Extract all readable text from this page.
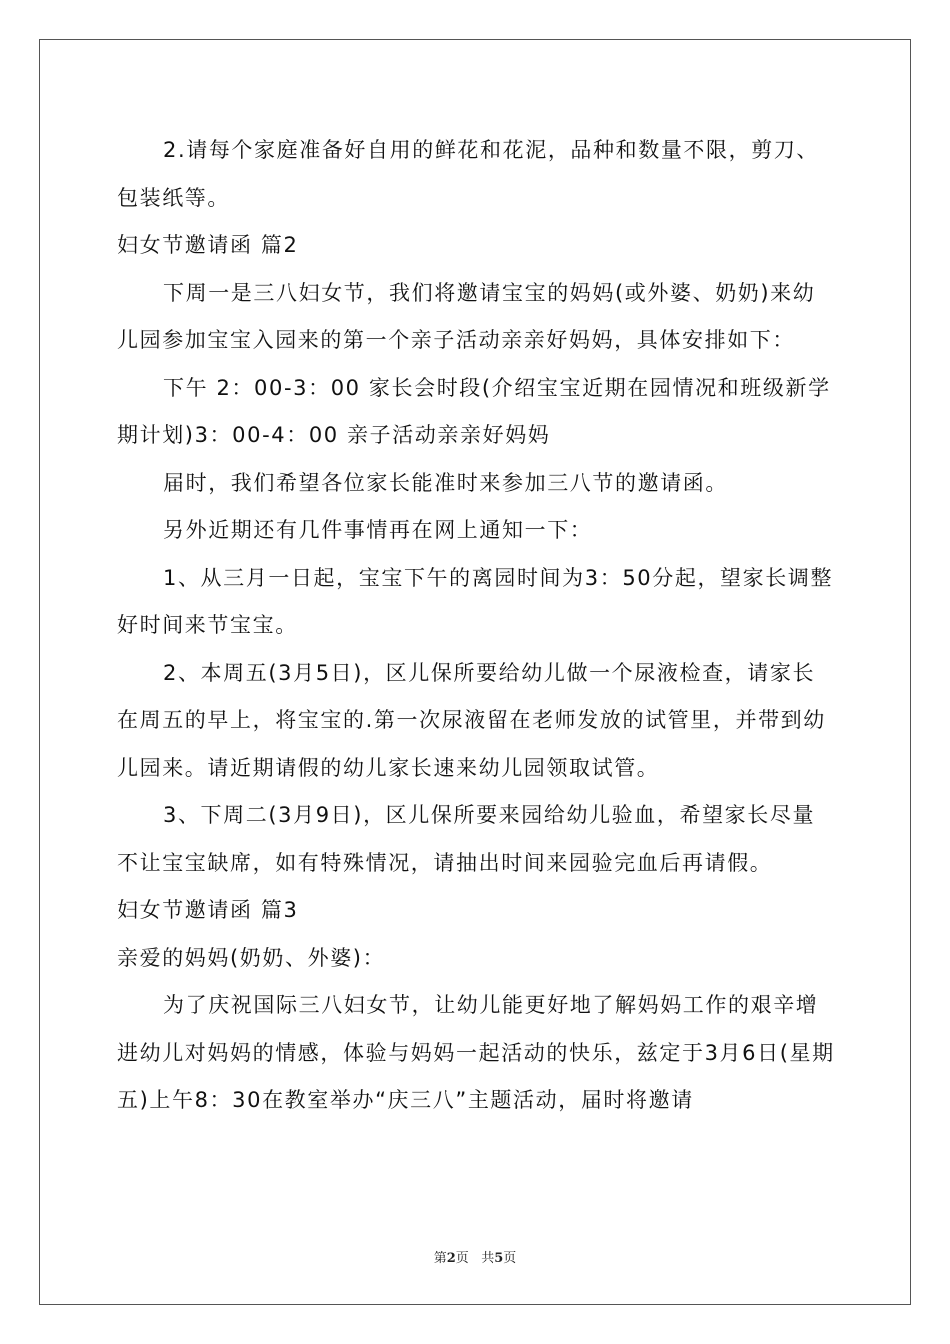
2.请每个家庭准备好自用的鲜花和花泥，品种和数量不限，剪刀、包装纸等。

妇女节邀请函 篇2

下周一是三八妇女节，我们将邀请宝宝的妈妈(或外婆、奶奶)来幼儿园参加宝宝入园来的第一个亲子活动亲亲好妈妈，具体安排如下：

下午 2：00-3：00 家长会时段(介绍宝宝近期在园情况和班级新学期计划)3：00-4：00 亲子活动亲亲好妈妈

届时，我们希望各位家长能准时来参加三八节的邀请函。

另外近期还有几件事情再在网上通知一下：

1、从三月一日起，宝宝下午的离园时间为3：50分起，望家长调整好时间来节宝宝。

2、本周五(3月5日)，区儿保所要给幼儿做一个尿液检查，请家长在周五的早上，将宝宝的.第一次尿液留在老师发放的试管里，并带到幼儿园来。请近期请假的幼儿家长速来幼儿园领取试管。

3、下周二(3月9日)，区儿保所要来园给幼儿验血，希望家长尽量不让宝宝缺席，如有特殊情况，请抽出时间来园验完血后再请假。

妇女节邀请函 篇3

亲爱的妈妈(奶奶、外婆)：

为了庆祝国际三八妇女节，让幼儿能更好地了解妈妈工作的艰辛增进幼儿对妈妈的情感，体验与妈妈一起活动的快乐，兹定于3月6日(星期五)上午8：30在教室举办“庆三八”主题活动，届时将邀请

第2页 共5页
